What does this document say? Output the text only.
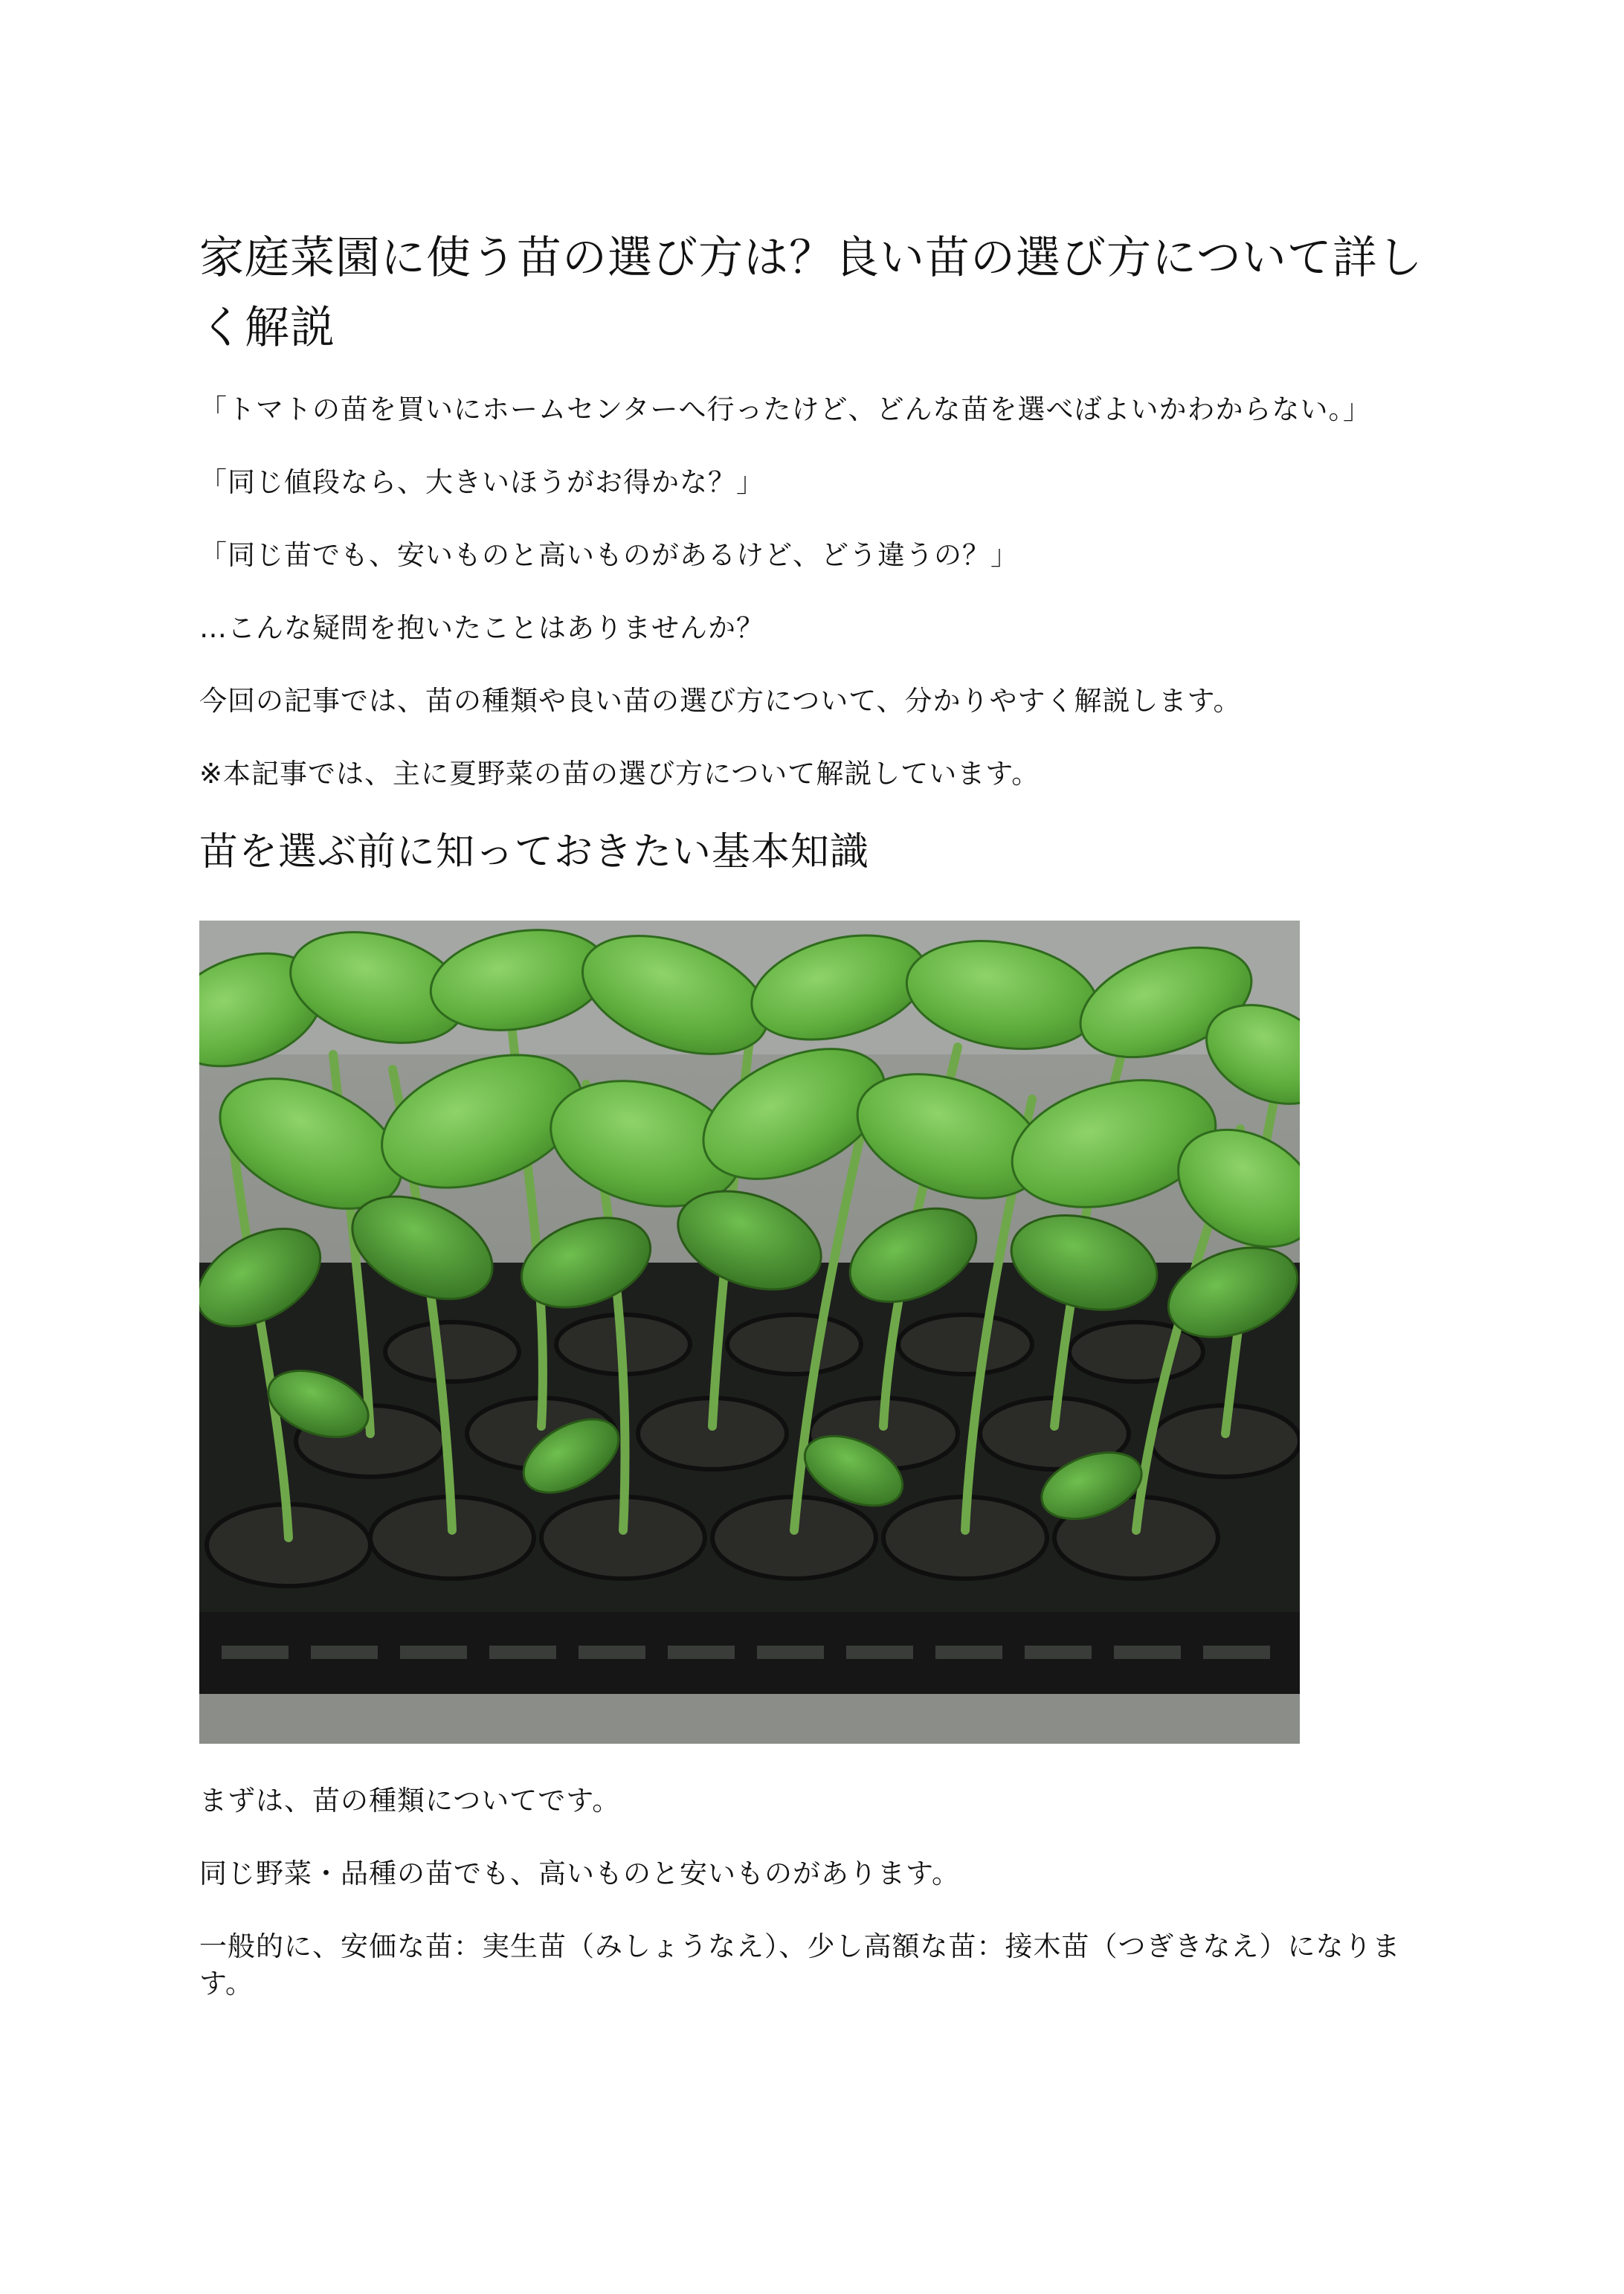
家庭菜園に使う苗の選び方は？良い苗の選び方について詳しく解説

「トマトの苗を買いにホームセンターへ行ったけど、どんな苗を選べばよいかわからない。」

「同じ値段なら、大きいほうがお得かな？」

「同じ苗でも、安いものと高いものがあるけど、どう違うの？」

…こんな疑問を抱いたことはありませんか？

今回の記事では、苗の種類や良い苗の選び方について、分かりやすく解説します。

※本記事では、主に夏野菜の苗の選び方について解説しています。

苗を選ぶ前に知っておきたい基本知識

まずは、苗の種類についてです。

同じ野菜・品種の苗でも、高いものと安いものがあります。

一般的に、安価な苗：実生苗（みしょうなえ）、少し高額な苗：接木苗（つぎきなえ）になります。
